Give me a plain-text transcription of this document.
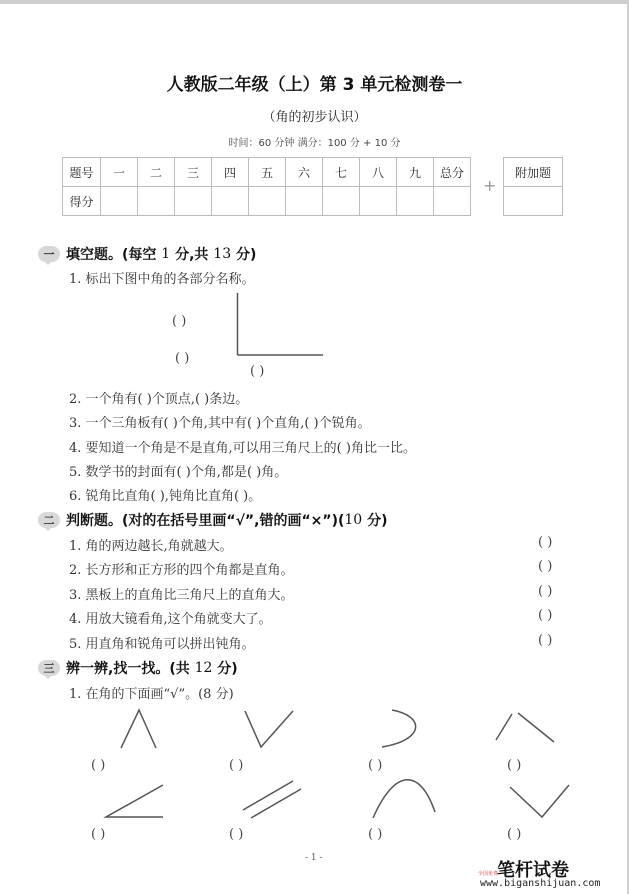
人教版二年级（上）第 3 单元检测卷一
（角的初步认识）
时间：60 分钟 满分：100 分 + 10 分
题号	一	二	三	四	五	六	七	八	九	总分
得分										
+
附加题

一 填空题。(每空
1
分,共
13
分)
1. 标出下图中角的各部分名称。
( )
( )
( )
2. 一个角有( )个顶点,( )条边。
3. 一个三角板有( )个角,其中有( )个直角,( )个锐角。
4. 要知道一个角是不是直角,可以用三角尺上的( )角比一比。
5. 数学书的封面有( )个角,都是( )角。
6. 锐角比直角( ),钝角比直角( )。
二 判断题。(对的在括号里画“√”,错的画“×”)( 10
分)
1. 角的两边越长,角就越大。	( )
2. 长方形和正方形的四个角都是直角。	( )
3. 黑板上的直角比三角尺上的直角大。	( )
4. 用放大镜看角,这个角就变大了。	( )
5. 用直角和锐角可以拼出钝角。	( )
三 辨一辨,找一找。(共
12
分)
1. 在角的下面画“√”。(8 分)
( )	( )	( )	( )
( )	( )	( )	( )
- 1 -
笔杆试卷
全国免费
www.biganshijuan.com
